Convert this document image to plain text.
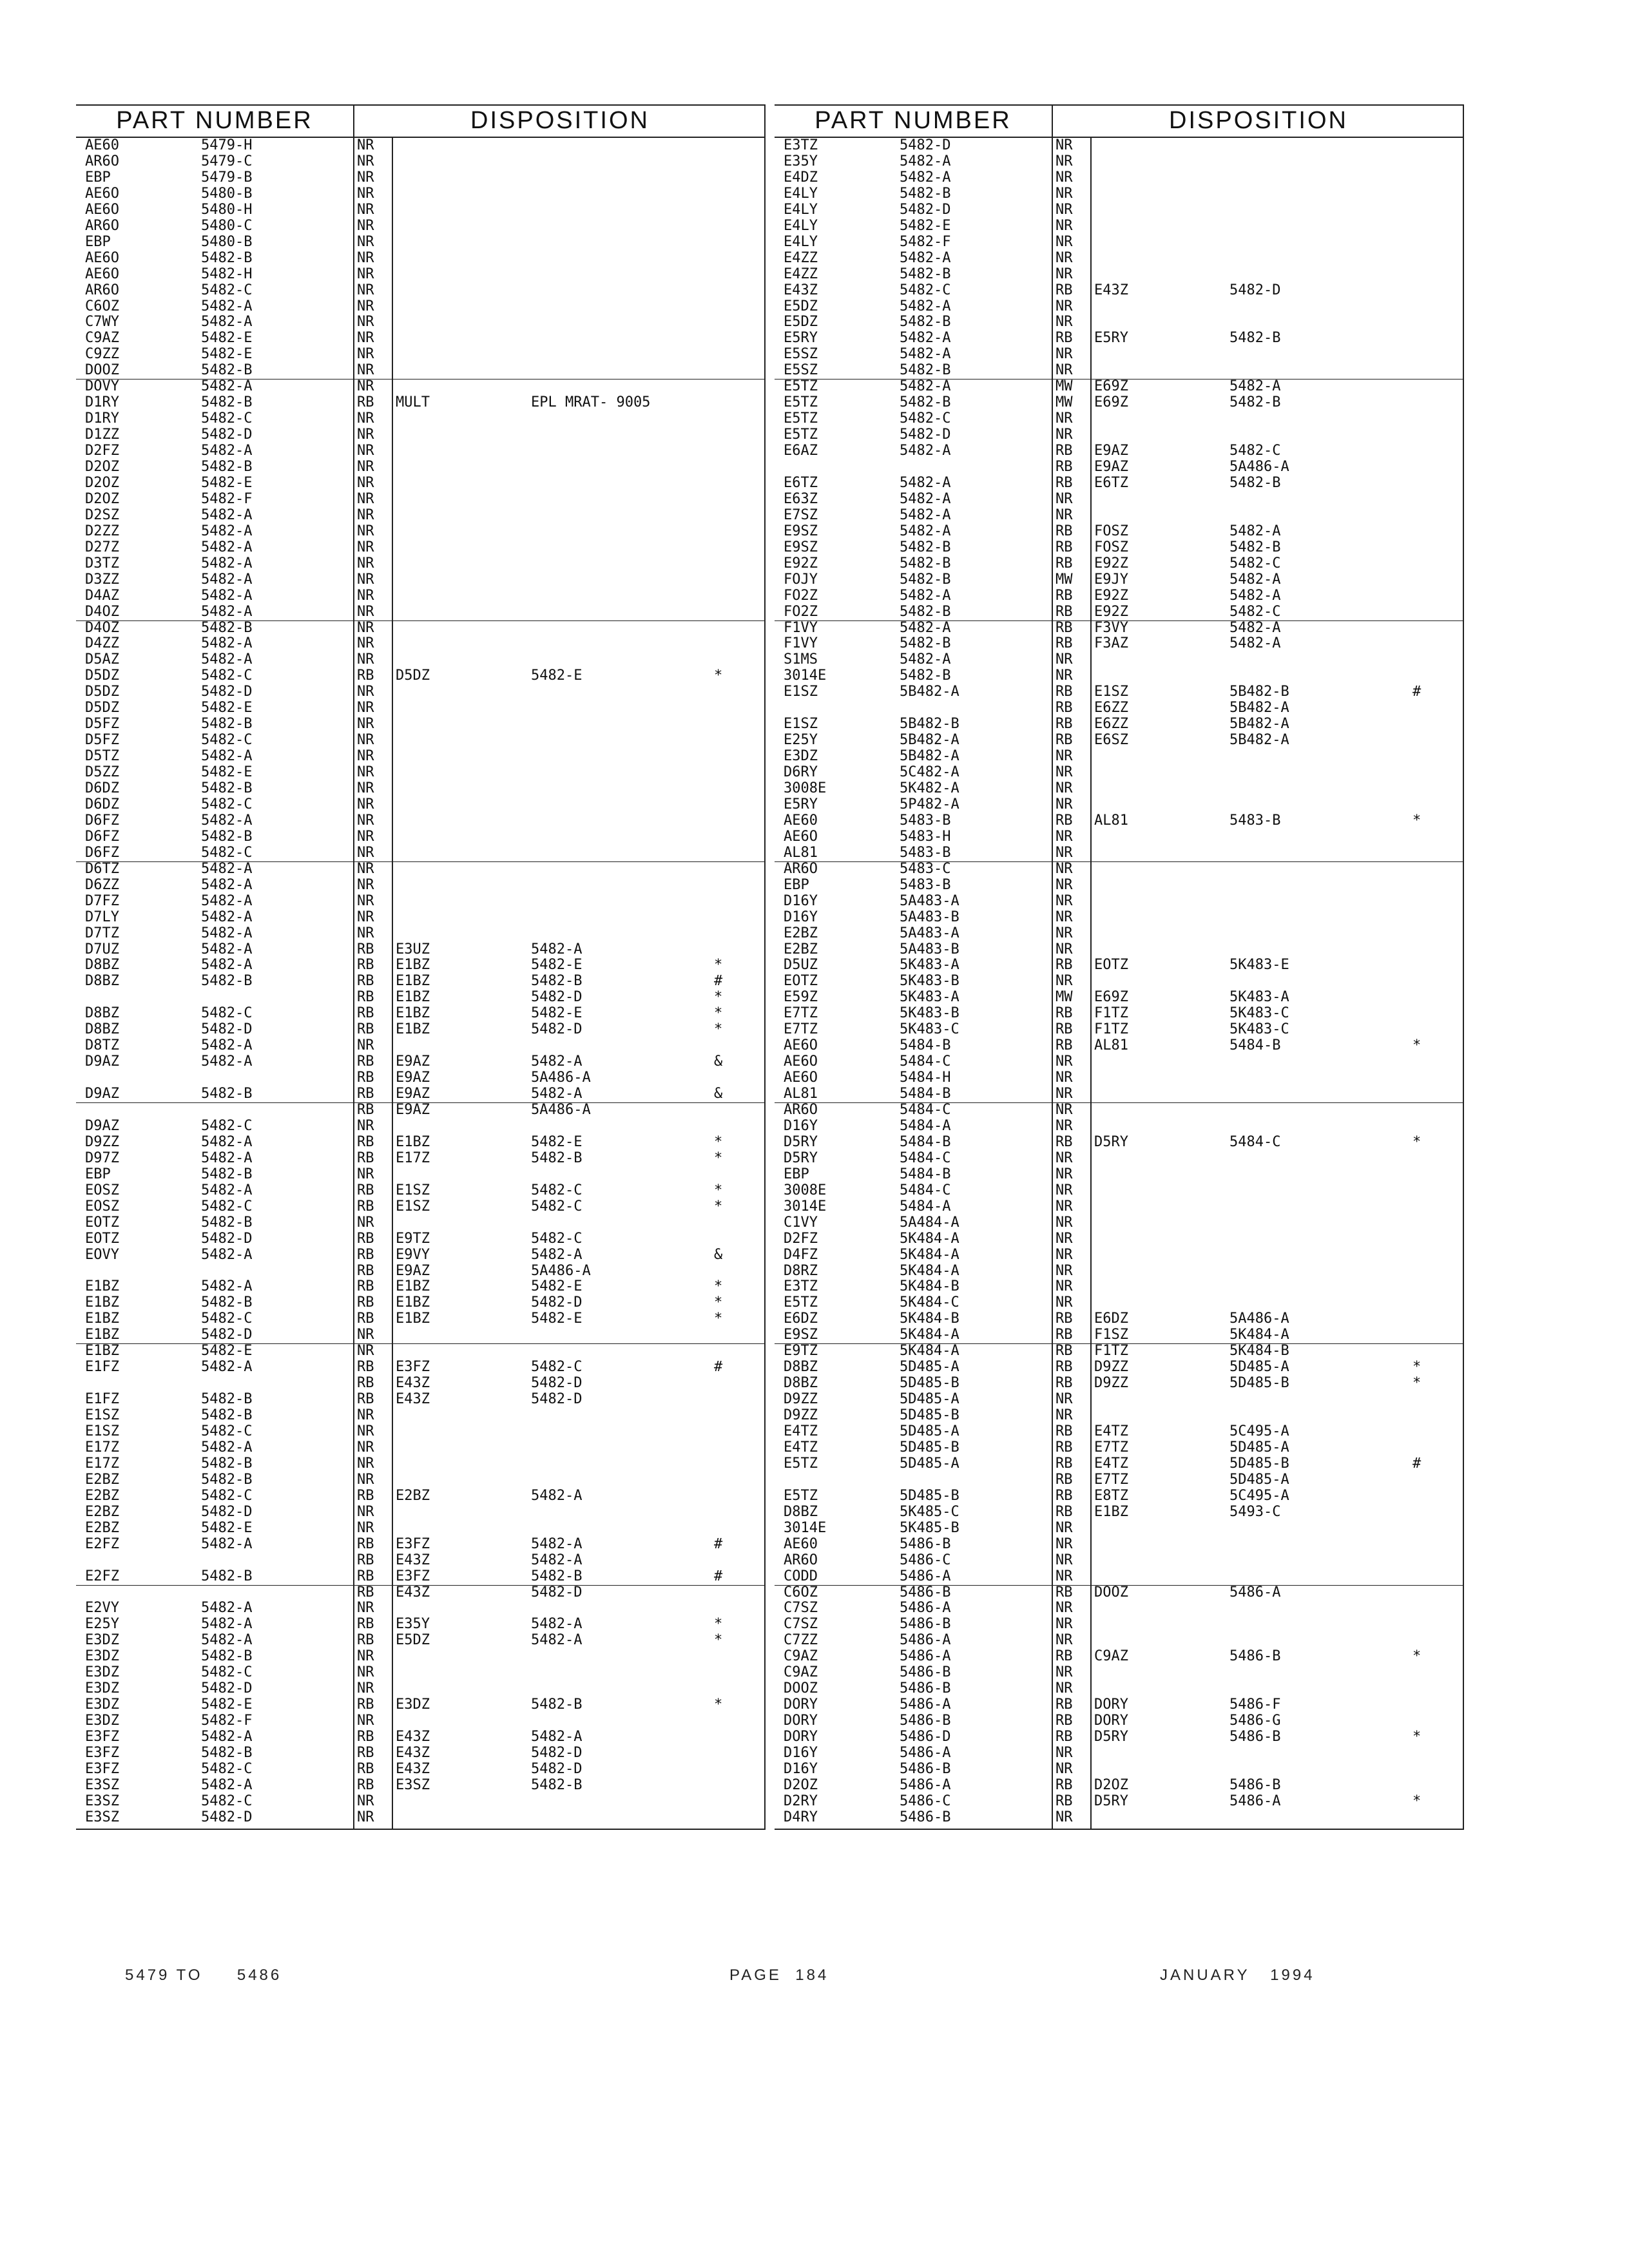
PART NUMBER	DISPOSITION
AE60	5479-H	NR
AR6O	5479-C	NR
EBP	5479-B	NR
AE6O	5480-B	NR
AE6O	5480-H	NR
AR6O	5480-C	NR
EBP	5480-B	NR
AE6O	5482-B	NR
AE6O	5482-H	NR
AR6O	5482-C	NR
C6OZ	5482-A	NR
C7WY	5482-A	NR
C9AZ	5482-E	NR
C9ZZ	5482-E	NR
DOOZ	5482-B	NR
DOVY	5482-A	NR
D1RY	5482-B	RB MULT	EPL MRAT- 9005
D1RY	5482-C	NR
D1ZZ	5482-D	NR
D2FZ	5482-A	NR
D2OZ	5482-B	NR
D2OZ	5482-E	NR
D2OZ	5482-F	NR
D2SZ	5482-A	NR
D2ZZ	5482-A	NR
D27Z	5482-A	NR
D3TZ	5482-A	NR
D3ZZ	5482-A	NR
D4AZ	5482-A	NR
D4OZ	5482-A	NR
D4OZ	5482-B	NR
D4ZZ	5482-A	NR
D5AZ	5482-A	NR
D5DZ	5482-C	RB D5DZ	5482-E	*
D5DZ	5482-D	NR
D5DZ	5482-E	NR
D5FZ	5482-B	NR
D5FZ	5482-C	NR
D5TZ	5482-A	NR
D5ZZ	5482-E	NR
D6DZ	5482-B	NR
D6DZ	5482-C	NR
D6FZ	5482-A	NR
D6FZ	5482-B	NR
D6FZ	5482-C	NR
D6TZ	5482-A	NR
D6ZZ	5482-A	NR
D7FZ	5482-A	NR
D7LY	5482-A	NR
D7TZ	5482-A	NR
D7UZ	5482-A	RB E3UZ	5482-A
D8BZ	5482-A	RB E1BZ	5482-E	*
D8BZ	5482-B	RB E1BZ	5482-B	#
RB E1BZ	5482-D	*
D8BZ	5482-C	RB E1BZ	5482-E	*
D8BZ	5482-D	RB E1BZ	5482-D	*
D8TZ	5482-A	NR
D9AZ	5482-A	RB E9AZ	5482-A	&
RB E9AZ	5A486-A
D9AZ	5482-B	RB E9AZ	5482-A	&
RB E9AZ	5A486-A
D9AZ	5482-C	NR
D9ZZ	5482-A	RB E1BZ	5482-E	*
D97Z	5482-A	RB E17Z	5482-B	*
EBP	5482-B	NR
EOSZ	5482-A	RB E1SZ	5482-C	*
EOSZ	5482-C	RB E1SZ	5482-C	*
EOTZ	5482-B	NR
EOTZ	5482-D	RB E9TZ	5482-C
EOVY	5482-A	RB E9VY	5482-A	&
RB E9AZ	5A486-A
E1BZ	5482-A	RB E1BZ	5482-E	*
E1BZ	5482-B	RB E1BZ	5482-D	*
E1BZ	5482-C	RB E1BZ	5482-E	*
E1BZ	5482-D	NR
E1BZ	5482-E	NR
E1FZ	5482-A	RB E3FZ	5482-C	#
RB E43Z	5482-D
E1FZ	5482-B	RB E43Z	5482-D
E1SZ	5482-B	NR
E1SZ	5482-C	NR
E17Z	5482-A	NR
E17Z	5482-B	NR
E2BZ	5482-B	NR
E2BZ	5482-C	RB E2BZ	5482-A
E2BZ	5482-D	NR
E2BZ	5482-E	NR
E2FZ	5482-A	RB E3FZ	5482-A	#
RB E43Z	5482-A
E2FZ	5482-B	RB E3FZ	5482-B	#
RB E43Z	5482-D
E2VY	5482-A	NR
E25Y	5482-A	RB E35Y	5482-A	*
E3DZ	5482-A	RB E5DZ	5482-A	*
E3DZ	5482-B	NR
E3DZ	5482-C	NR
E3DZ	5482-D	NR
E3DZ	5482-E	RB E3DZ	5482-B	*
E3DZ	5482-F	NR
E3FZ	5482-A	RB E43Z	5482-A
E3FZ	5482-B	RB E43Z	5482-D
E3FZ	5482-C	RB E43Z	5482-D
E3SZ	5482-A	RB E3SZ	5482-B
E3SZ	5482-C	NR
E3SZ	5482-D	NR
PART NUMBER	DISPOSITION
E3TZ	5482-D	NR
E35Y	5482-A	NR
E4DZ	5482-A	NR
E4LY	5482-B	NR
E4LY	5482-D	NR
E4LY	5482-E	NR
E4LY	5482-F	NR
E4ZZ	5482-A	NR
E4ZZ	5482-B	NR
E43Z	5482-C	RB E43Z	5482-D
E5DZ	5482-A	NR
E5DZ	5482-B	NR
E5RY	5482-A	RB E5RY	5482-B
E5SZ	5482-A	NR
E5SZ	5482-B	NR
E5TZ	5482-A	MW E69Z	5482-A
E5TZ	5482-B	MW E69Z	5482-B
E5TZ	5482-C	NR
E5TZ	5482-D	NR
E6AZ	5482-A	RB E9AZ	5482-C
RB E9AZ	5A486-A
E6TZ	5482-A	RB E6TZ	5482-B
E63Z	5482-A	NR
E7SZ	5482-A	NR
E9SZ	5482-A	RB FOSZ	5482-A
E9SZ	5482-B	RB FOSZ	5482-B
E92Z	5482-B	RB E92Z	5482-C
FOJY	5482-B	MW E9JY	5482-A
FO2Z	5482-A	RB E92Z	5482-A
FO2Z	5482-B	RB E92Z	5482-C
F1VY	5482-A	RB F3VY	5482-A
F1VY	5482-B	RB F3AZ	5482-A
S1MS	5482-A	NR
3014E	5482-B	NR
E1SZ	5B482-A	RB E1SZ	5B482-B	#
RB E6ZZ	5B482-A
E1SZ	5B482-B	RB E6ZZ	5B482-A
E25Y	5B482-A	RB E6SZ	5B482-A
E3DZ	5B482-A	NR
D6RY	5C482-A	NR
3008E	5K482-A	NR
E5RY	5P482-A	NR
AE60	5483-B	RB AL81	5483-B	*
AE6O	5483-H	NR
AL81	5483-B	NR
AR6O	5483-C	NR
EBP	5483-B	NR
D16Y	5A483-A	NR
D16Y	5A483-B	NR
E2BZ	5A483-A	NR
E2BZ	5A483-B	NR
D5UZ	5K483-A	RB EOTZ	5K483-E
EOTZ	5K483-B	NR
E59Z	5K483-A	MW E69Z	5K483-A
E7TZ	5K483-B	RB F1TZ	5K483-C
E7TZ	5K483-C	RB F1TZ	5K483-C
AE6O	5484-B	RB AL81	5484-B	*
AE6O	5484-C	NR
AE6O	5484-H	NR
AL81	5484-B	NR
AR6O	5484-C	NR
D16Y	5484-A	NR
D5RY	5484-B	RB D5RY	5484-C	*
D5RY	5484-C	NR
EBP	5484-B	NR
3008E	5484-C	NR
3014E	5484-A	NR
C1VY	5A484-A	NR
D2FZ	5K484-A	NR
D4FZ	5K484-A	NR
D8RZ	5K484-A	NR
E3TZ	5K484-B	NR
E5TZ	5K484-C	NR
E6DZ	5K484-B	RB E6DZ	5A486-A
E9SZ	5K484-A	RB F1SZ	5K484-A
E9TZ	5K484-A	RB F1TZ	5K484-B
D8BZ	5D485-A	RB D9ZZ	5D485-A	*
D8BZ	5D485-B	RB D9ZZ	5D485-B	*
D9ZZ	5D485-A	NR
D9ZZ	5D485-B	NR
E4TZ	5D485-A	RB E4TZ	5C495-A
E4TZ	5D485-B	RB E7TZ	5D485-A
E5TZ	5D485-A	RB E4TZ	5D485-B	#
RB E7TZ	5D485-A
E5TZ	5D485-B	RB E8TZ	5C495-A
D8BZ	5K485-C	RB E1BZ	5493-C
3014E	5K485-B	NR
AE60	5486-B	NR
AR6O	5486-C	NR
CODD	5486-A	NR
C6OZ	5486-B	RB DOOZ	5486-A
C7SZ	5486-A	NR
C7SZ	5486-B	NR
C7ZZ	5486-A	NR
C9AZ	5486-A	RB C9AZ	5486-B	*
C9AZ	5486-B	NR
DOOZ	5486-B	NR
DORY	5486-A	RB DORY	5486-F
DORY	5486-B	RB DORY	5486-G
DORY	5486-D	RB D5RY	5486-B	*
D16Y	5486-A	NR
D16Y	5486-B	NR
D2OZ	5486-A	RB D2OZ	5486-B
D2RY	5486-C	RB D5RY	5486-A	*
D4RY	5486-B	NR
5479 TO     5486	PAGE  184	JANUARY   1994
